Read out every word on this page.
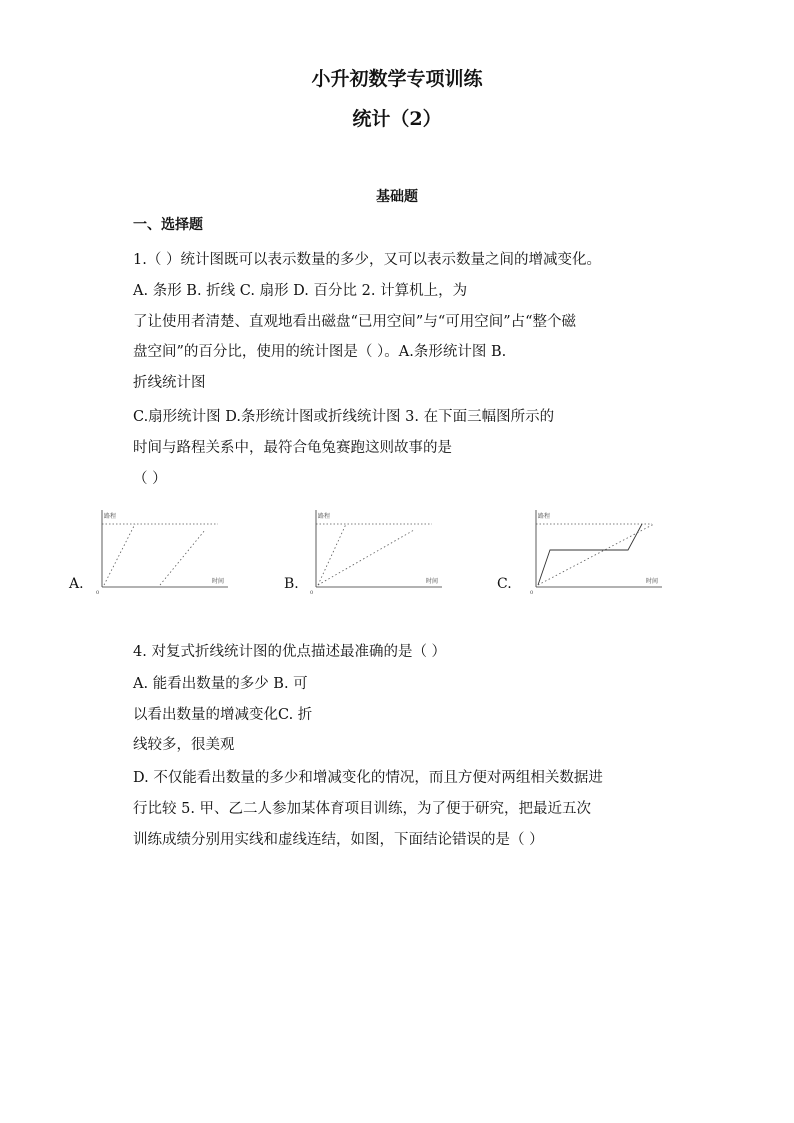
小升初数学专项训练
统计（2）
基础题
一、选择题
1.（ ）统计图既可以表示数量的多少，又可以表示数量之间的增减变化。
A. 条形 B. 折线 C. 扇形 D. 百分比 2. 计算机上，为
了让使用者清楚、直观地看出磁盘“已用空间”与“可用空间”占“整个磁
盘空间”的百分比，使用的统计图是（ ）。A.条形统计图 B.
折线统计图
C.扇形统计图 D.条形统计图或折线统计图 3. 在下面三幅图所示的
时间与路程关系中，最符合龟兔赛跑这则故事的是
（ ）
A.
路程
时间
0
B.
路程
时间
0
C.
路程
时间
0
4. 对复式折线统计图的优点描述最准确的是（ ）
A. 能看出数量的多少 B. 可
以看出数量的增减变化C. 折
线较多，很美观
D. 不仅能看出数量的多少和增减变化的情况，而且方便对两组相关数据进
行比较 5. 甲、乙二人参加某体育项目训练，为了便于研究，把最近五次
训练成绩分别用实线和虚线连结，如图，下面结论错误的是（ ）
